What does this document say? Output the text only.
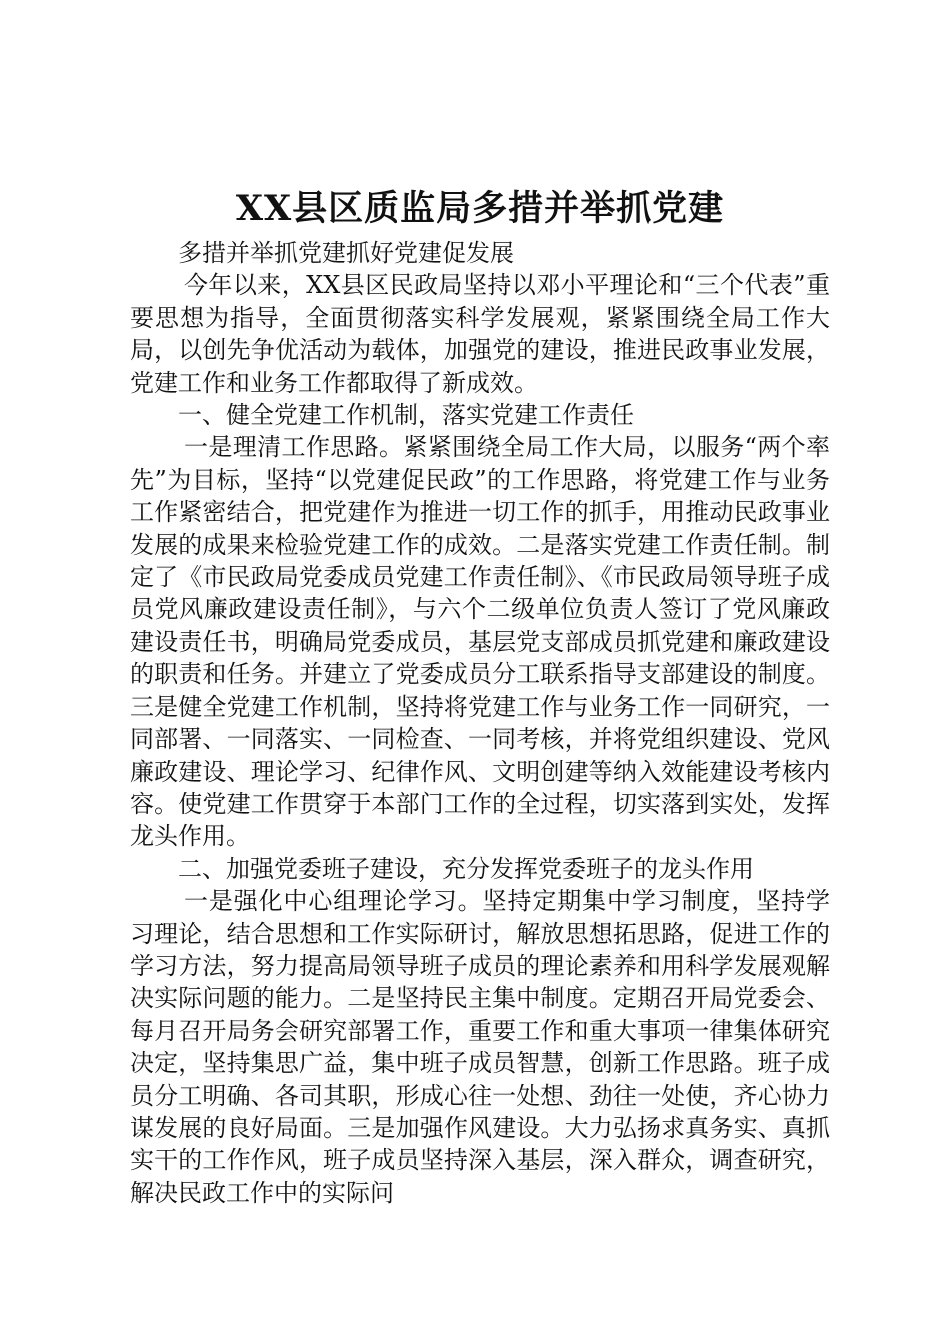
XX县区质监局多措并举抓党建

多措并举抓党建抓好党建促发展

今年以来，XX县区民政局坚持以邓小平理论和“三个代表”重要思想为指导，全面贯彻落实科学发展观，紧紧围绕全局工作大局，以创先争优活动为载体，加强党的建设，推进民政事业发展，党建工作和业务工作都取得了新成效。

一、健全党建工作机制，落实党建工作责任

一是理清工作思路。紧紧围绕全局工作大局，以服务“两个率先”为目标，坚持“以党建促民政”的工作思路，将党建工作与业务工作紧密结合，把党建作为推进一切工作的抓手，用推动民政事业发展的成果来检验党建工作的成效。二是落实党建工作责任制。制定了《市民政局党委成员党建工作责任制》、《市民政局领导班子成员党风廉政建设责任制》，与六个二级单位负责人签订了党风廉政建设责任书，明确局党委成员，基层党支部成员抓党建和廉政建设的职责和任务。并建立了党委成员分工联系指导支部建设的制度。三是健全党建工作机制，坚持将党建工作与业务工作一同研究，一同部署、一同落实、一同检查、一同考核，并将党组织建设、党风廉政建设、理论学习、纪律作风、文明创建等纳入效能建设考核内容。使党建工作贯穿于本部门工作的全过程，切实落到实处，发挥龙头作用。

二、加强党委班子建设，充分发挥党委班子的龙头作用

一是强化中心组理论学习。坚持定期集中学习制度，坚持学习理论，结合思想和工作实际研讨，解放思想拓思路，促进工作的学习方法，努力提高局领导班子成员的理论素养和用科学发展观解决实际问题的能力。二是坚持民主集中制度。定期召开局党委会、每月召开局务会研究部署工作，重要工作和重大事项一律集体研究决定，坚持集思广益，集中班子成员智慧，创新工作思路。班子成员分工明确、各司其职，形成心往一处想、劲往一处使，齐心协力谋发展的良好局面。三是加强作风建设。大力弘扬求真务实、真抓实干的工作作风，班子成员坚持深入基层，深入群众，调查研究，解决民政工作中的实际问
